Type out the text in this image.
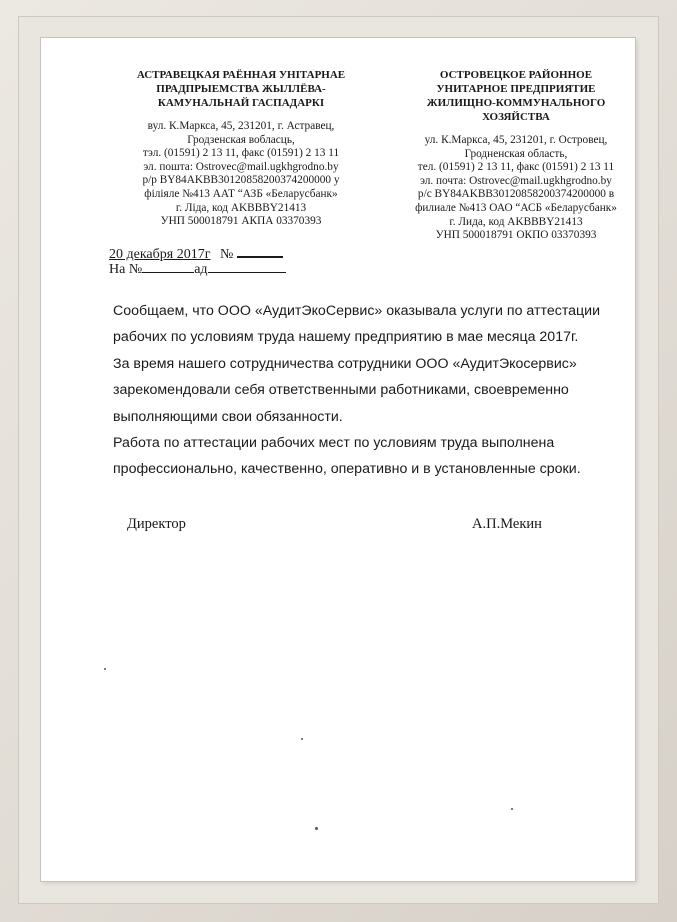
АСТРАВЕЦКАЯ РАЁННАЯ УНIТАРНАЕ
ПРАДПРЫЕМСТВА ЖЫЛЛЁВА-
КАМУНАЛЬНАЙ ГАСПАДАРКI
вул. К.Маркса, 45, 231201, г. Астравец,
Гродзенская вобласць,
тэл. (01591) 2 13 11, факс (01591) 2 13 11
эл. пошта: Ostrovec@mail.ugkhgrodno.by
р/р BY84AKBB30120858200374200000 у
фiлiяле №413 ААТ “АЗБ «Беларусбанк»
г. Лiда, код AKBBBY21413
УНП 500018791 АКПА 03370393
ОСТРОВЕЦКОЕ РАЙОННОЕ
УНИТАРНОЕ ПРЕДПРИЯТИЕ
ЖИЛИЩНО-КОММУНАЛЬНОГО
ХОЗЯЙСТВА
ул. К.Маркса, 45, 231201, г. Островец,
Гродненская область,
тел. (01591) 2 13 11, факс (01591) 2 13 11
эл. почта: Ostrovec@mail.ugkhgrodno.by
р/с BY84AKBB30120858200374200000 в
филиале №413 ОАО “АСБ «Беларусбанк»
г. Лида, код AKBBBY21413
УНП 500018791 ОКПО 03370393
20 декабря 2017г №
На №	ад

Сообщаем, что ООО «АудитЭкоСервис» оказывала услуги по аттестации

рабочих по условиям труда нашему предприятию в мае месяца 2017г.

За время нашего сотрудничества сотрудники ООО «АудитЭкосервис»

зарекомендовали себя ответственными работниками, своевременно

выполняющими свои обязанности.

Работа по аттестации рабочих мест по условиям труда выполнена

профессионально, качественно, оперативно и в установленные сроки.

Директор	А.П.Мекин
